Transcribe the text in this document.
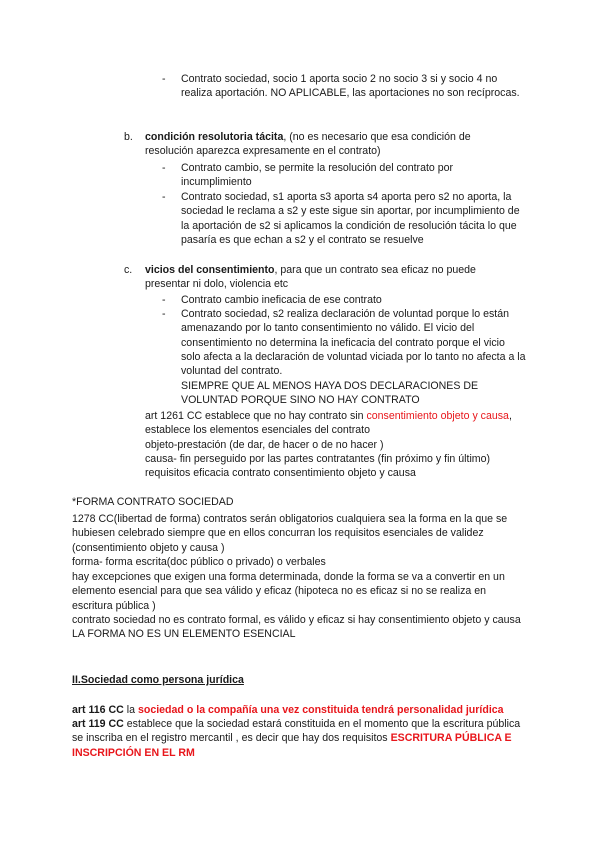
- Contrato sociedad, socio 1 aporta socio 2 no socio 3 si y socio 4 no realiza aportación. NO APLICABLE, las aportaciones no son recíprocas.
b. condición resolutoria tácita, (no es necesario que esa condición de resolución aparezca expresamente en el contrato)
- Contrato cambio, se permite la resolución del contrato por incumplimiento
- Contrato sociedad, s1 aporta s3 aporta s4 aporta pero s2 no aporta, la sociedad le reclama a s2 y este sigue sin aportar, por incumplimiento de la aportación de s2 si aplicamos la condición de resolución tácita lo que pasaría es que echan a s2 y el contrato se resuelve
c. vicios del consentimiento, para que un contrato sea eficaz no puede presentar ni dolo, violencia etc
- Contrato cambio ineficacia de ese contrato
- Contrato sociedad, s2 realiza declaración de voluntad porque lo están amenazando por lo tanto consentimiento no válido. El vicio del consentimiento no determina la ineficacia del contrato porque el vicio solo afecta a la declaración de voluntad viciada por lo tanto no afecta a la voluntad del contrato.
SIEMPRE QUE AL MENOS HAYA DOS DECLARACIONES DE VOLUNTAD PORQUE SINO NO HAY CONTRATO
art 1261 CC establece que no hay contrato sin consentimiento objeto y causa, establece los elementos esenciales del contrato
objeto-prestación (de dar, de hacer o de no hacer )
causa- fin perseguido por las partes contratantes (fin próximo y fin último)
requisitos eficacia contrato consentimiento objeto y causa
*FORMA CONTRATO SOCIEDAD
1278 CC(libertad de forma) contratos serán obligatorios cualquiera sea la forma en la que se hubiesen celebrado siempre que en ellos concurran los requisitos esenciales de validez (consentimiento objeto y causa )
forma- forma escrita(doc público o privado) o verbales
hay excepciones que exigen una forma determinada, donde la forma se va a convertir en un elemento esencial para que sea válido y eficaz (hipoteca no es eficaz si no se realiza en escritura pública )
contrato sociedad no es contrato formal, es válido y eficaz si hay consentimiento objeto y causa LA FORMA NO ES UN ELEMENTO ESENCIAL
II.Sociedad como persona jurídica
art 116 CC la sociedad o la compañía una vez constituida tendrá personalidad jurídica
art 119 CC establece que la sociedad estará constituida en el momento que la escritura pública se inscriba en el registro mercantil , es decir que hay dos requisitos ESCRITURA PÚBLICA E INSCRIPCIÓN EN EL RM
